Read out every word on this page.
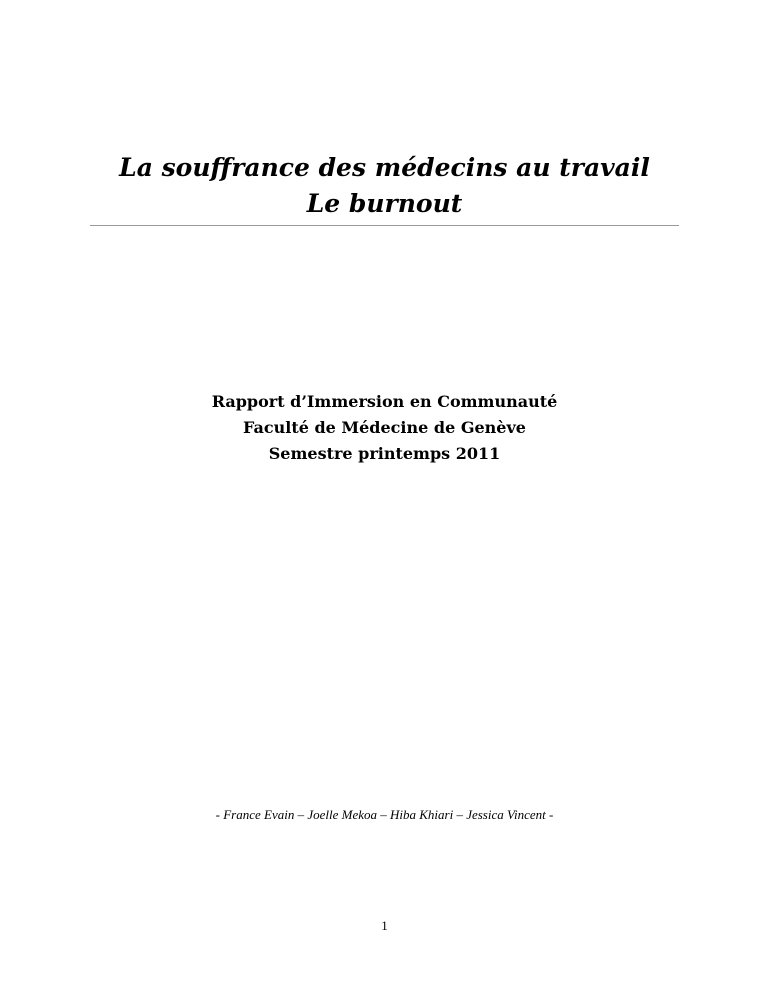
La souffrance des médecins au travail

Le burnout

Rapport d’Immersion en Communauté

Faculté de Médecine de Genève

Semestre printemps 2011

- France Evain – Joelle Mekoa – Hiba Khiari – Jessica Vincent -
1
